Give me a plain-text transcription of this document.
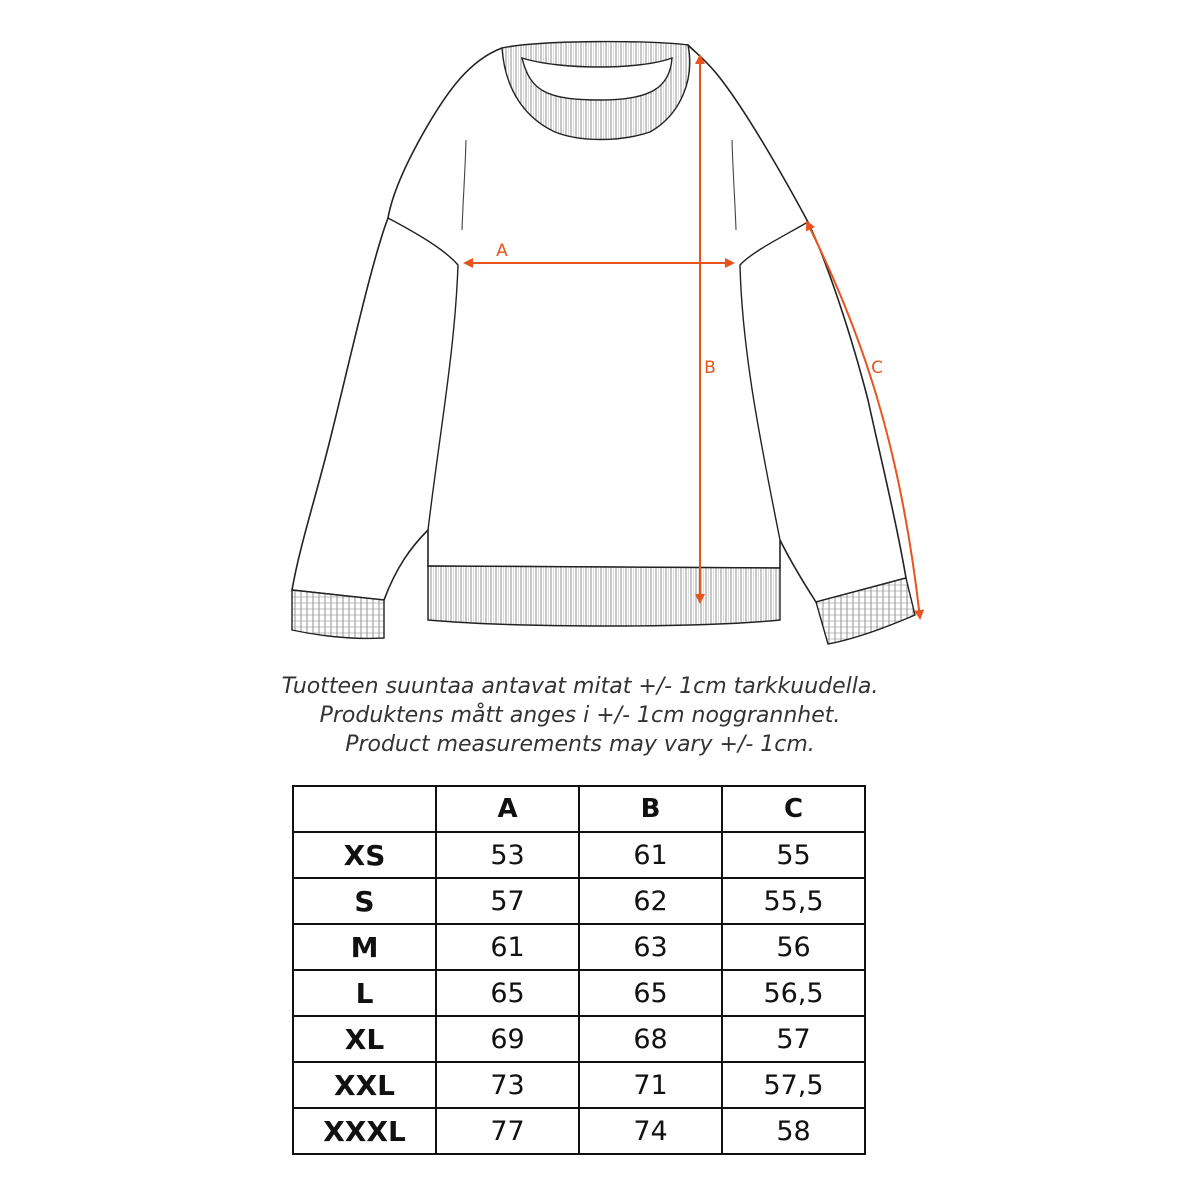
A
B	C
Tuotteen suuntaa antavat mitat +/- 1cm tarkkuudella.
Produktens mått anges i +/- 1cm noggrannhet.
Product measurements may vary +/- 1cm.
	A	B	C
XS	53	61	55
S	57	62	55,5
M	61	63	56
L	65	65	56,5
XL	69	68	57
XXL	73	71	57,5
XXXL	77	74	58
